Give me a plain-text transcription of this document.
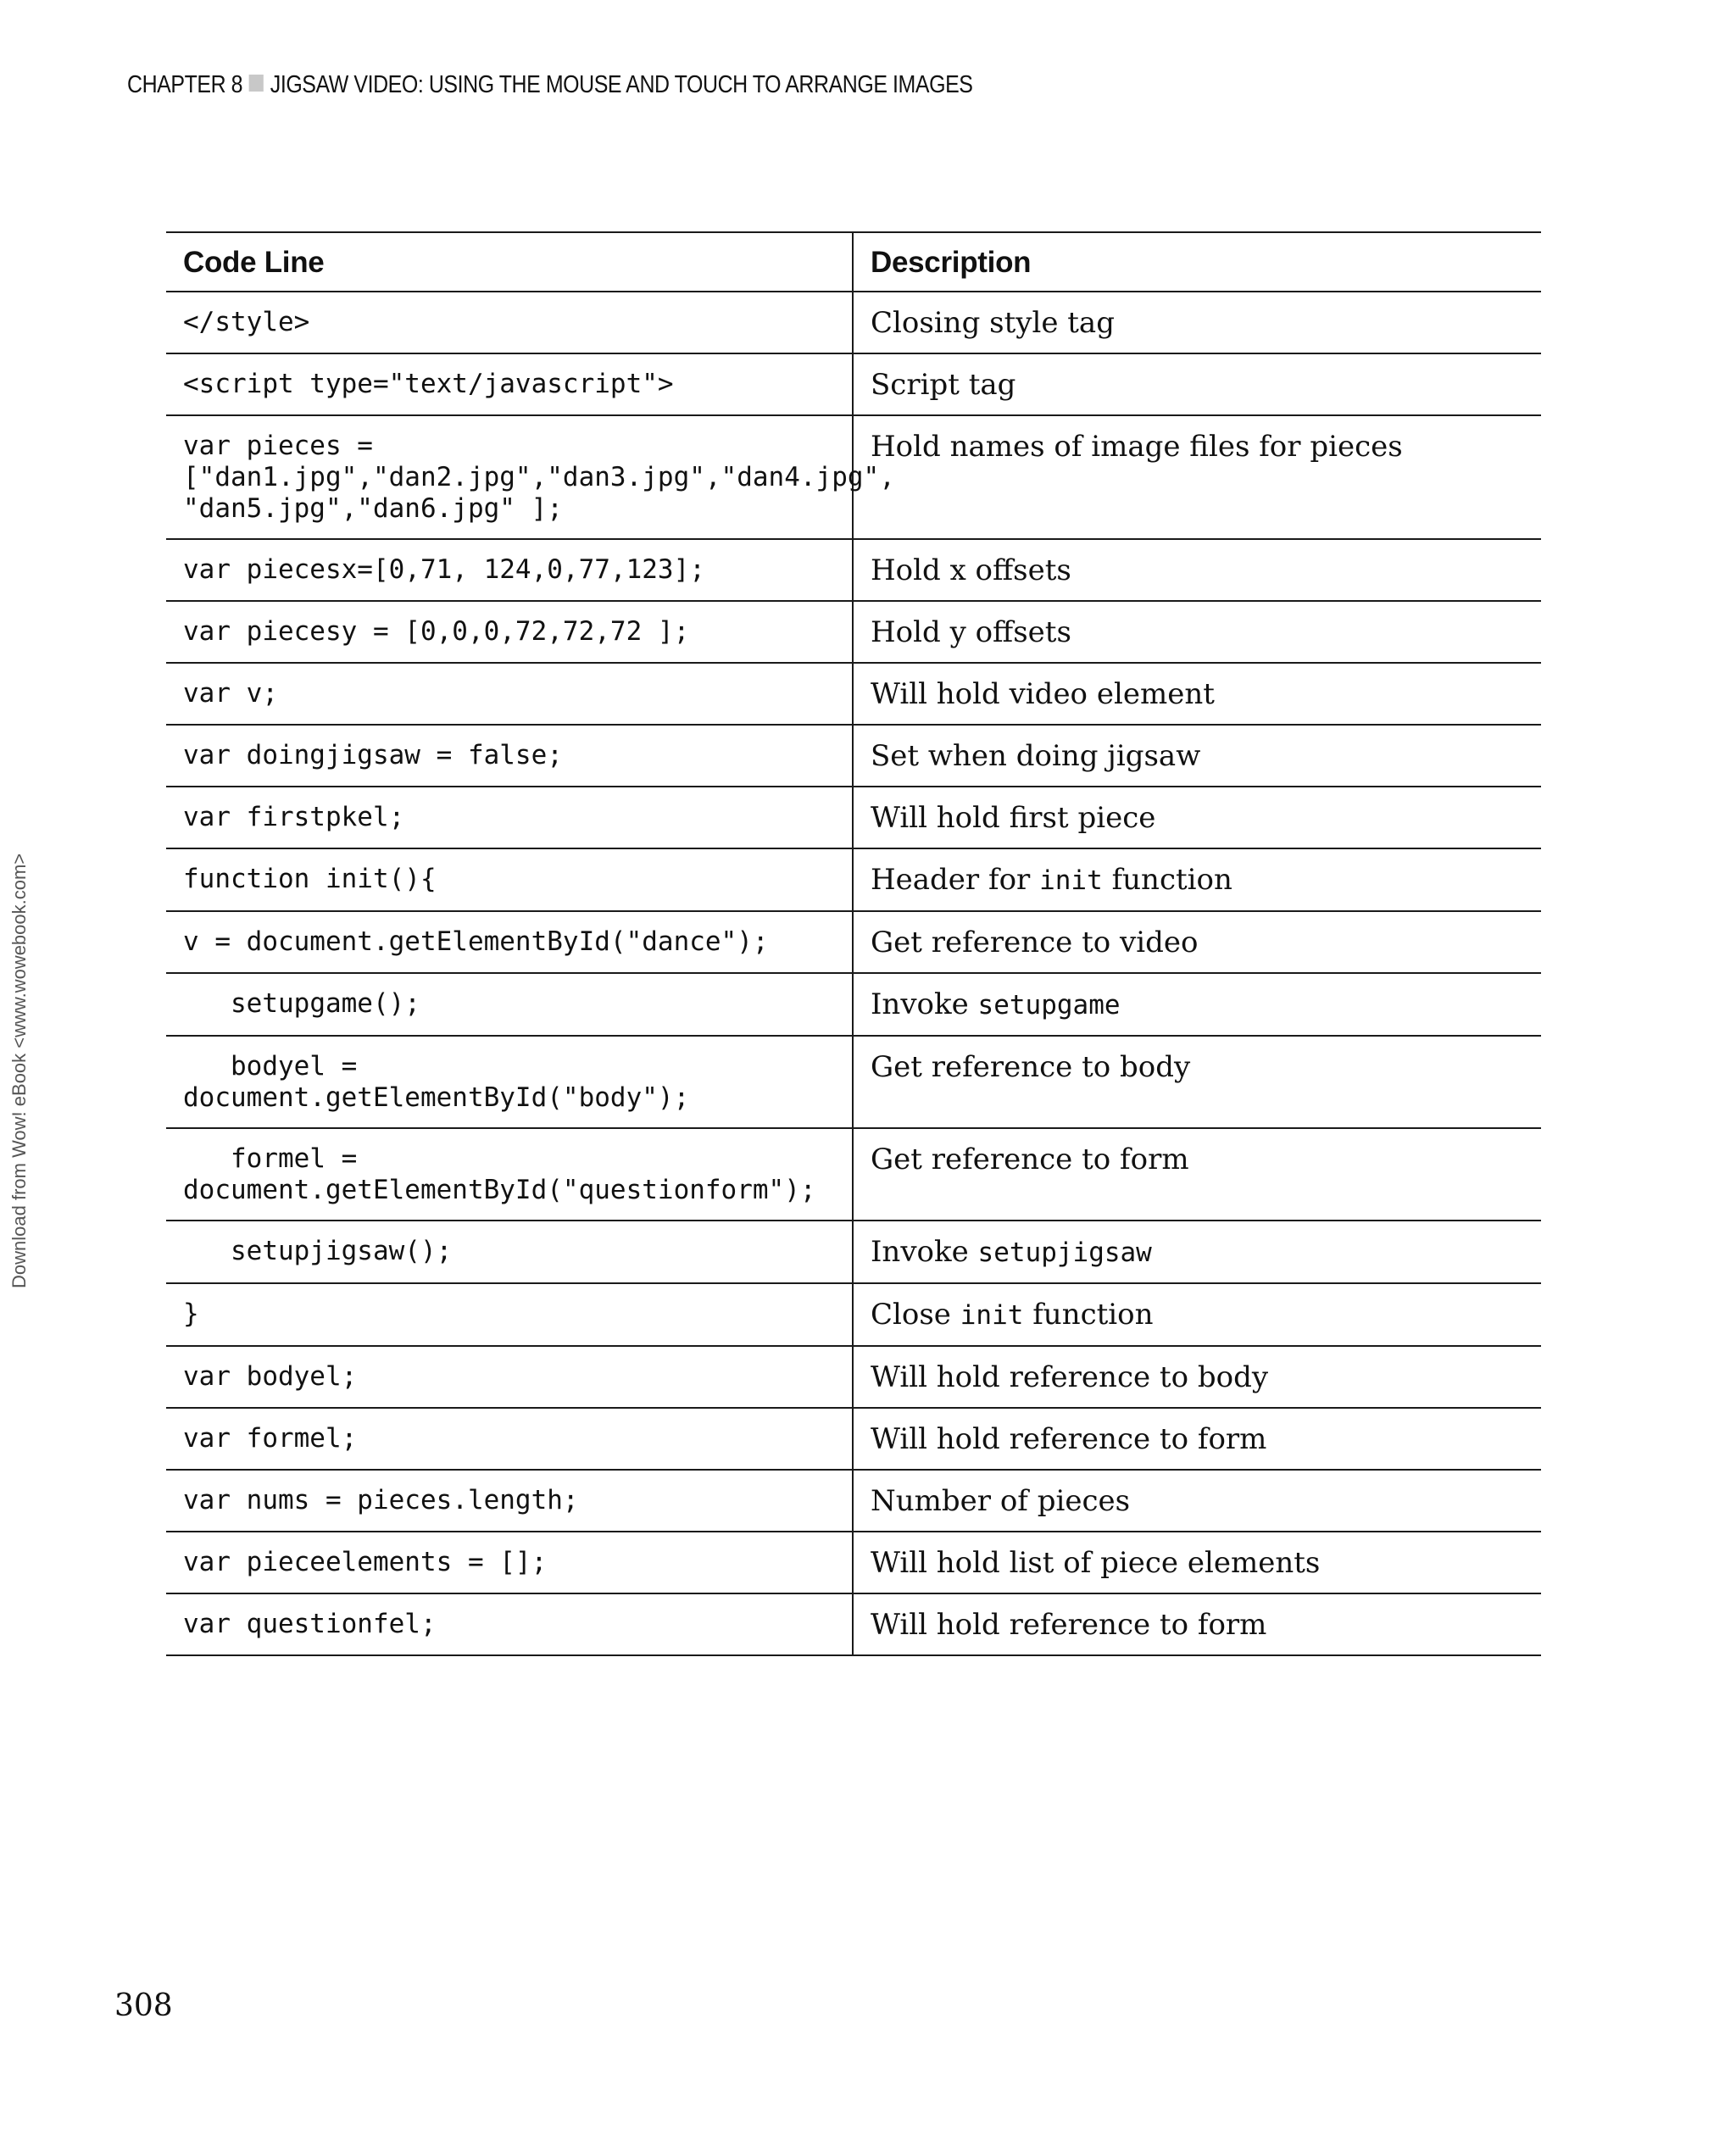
CHAPTER 8 JIGSAW VIDEO: USING THE MOUSE AND TOUCH TO ARRANGE IMAGES
Download from Wow! eBook <www.wowebook.com>
Code Line	Description
</style>	Closing style tag
<script type="text/javascript">	Script tag
var pieces =
["dan1.jpg","dan2.jpg","dan3.jpg","dan4.jpg",
"dan5.jpg","dan6.jpg" ];	Hold names of image files for pieces
var piecesx=[0,71, 124,0,77,123];	Hold x offsets
var piecesy = [0,0,0,72,72,72 ];	Hold y offsets
var v;	Will hold video element
var doingjigsaw = false;	Set when doing jigsaw
var firstpkel;	Will hold first piece
function init(){	Header for init function
v = document.getElementById("dance");	Get reference to video
setupgame();	Invoke setupgame
bodyel = document.getElementById("body");	Get reference to body
formel =
document.getElementById("questionform");	Get reference to form
setupjigsaw();	Invoke setupjigsaw
}	Close init function
var bodyel;	Will hold reference to body
var formel;	Will hold reference to form
var nums = pieces.length;	Number of pieces
var pieceelements = [];	Will hold list of piece elements
var questionfel;	Will hold reference to form
308
